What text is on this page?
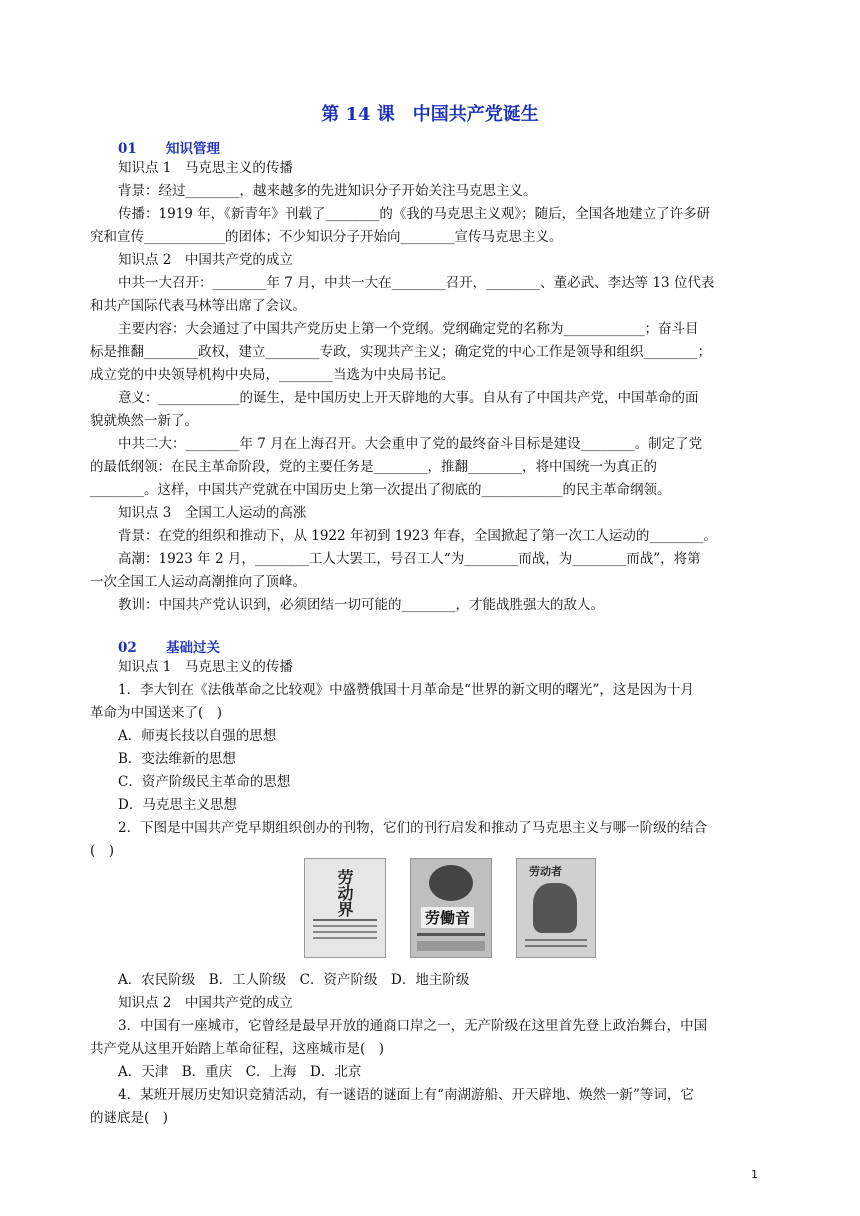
第 14 课　中国共产党诞生
01 知识管理
知识点 1　马克思主义的传播
背景：经过________，越来越多的先进知识分子开始关注马克思主义。
传播：1919 年，《新青年》刊载了________的《我的马克思主义观》；随后，全国各地建立了许多研
究和宣传____________的团体；不少知识分子开始向________宣传马克思主义。
知识点 2　中国共产党的成立
中共一大召开：________年 7 月，中共一大在________召开，________、董必武、李达等 13 位代表
和共产国际代表马林等出席了会议。
主要内容：大会通过了中国共产党历史上第一个党纲。党纲确定党的名称为____________；奋斗目
标是推翻________政权，建立________专政，实现共产主义；确定党的中心工作是领导和组织________；
成立党的中央领导机构中央局，________当选为中央局书记。
意义：____________的诞生，是中国历史上开天辟地的大事。自从有了中国共产党，中国革命的面
貌就焕然一新了。
中共二大：________年 7 月在上海召开。大会重申了党的最终奋斗目标是建设________。制定了党
的最低纲领：在民主革命阶段，党的主要任务是________，推翻________，将中国统一为真正的
________。这样，中国共产党就在中国历史上第一次提出了彻底的____________的民主革命纲领。
知识点 3　全国工人运动的高涨
背景：在党的组织和推动下，从 1922 年初到 1923 年春，全国掀起了第一次工人运动的________。
高潮：1923 年 2 月，________工人大罢工，号召工人“为________而战，为________而战”，将第
一次全国工人运动高潮推向了顶峰。
教训：中国共产党认识到，必须团结一切可能的________，才能战胜强大的敌人。
02 基础过关
知识点 1　马克思主义的传播
1．李大钊在《法俄革命之比较观》中盛赞俄国十月革命是“世界的新文明的曙光”，这是因为十月
革命为中国送来了(　)
A．师夷长技以自强的思想
B．变法维新的思想
C．资产阶级民主革命的思想
D．马克思主义思想
2．下图是中国共产党早期组织创办的刊物，它们的刊行启发和推动了马克思主义与哪一阶级的结合
(　)
劳动界
劳働音
劳动者
A．农民阶级　B．工人阶级　C．资产阶级　D．地主阶级
知识点 2　中国共产党的成立
3．中国有一座城市，它曾经是最早开放的通商口岸之一，无产阶级在这里首先登上政治舞台，中国
共产党从这里开始踏上革命征程，这座城市是(　)
A．天津　B．重庆　C．上海　D．北京
4．某班开展历史知识竞猜活动，有一谜语的谜面上有“南湖游船、开天辟地、焕然一新”等词，它
的谜底是(　)
1
